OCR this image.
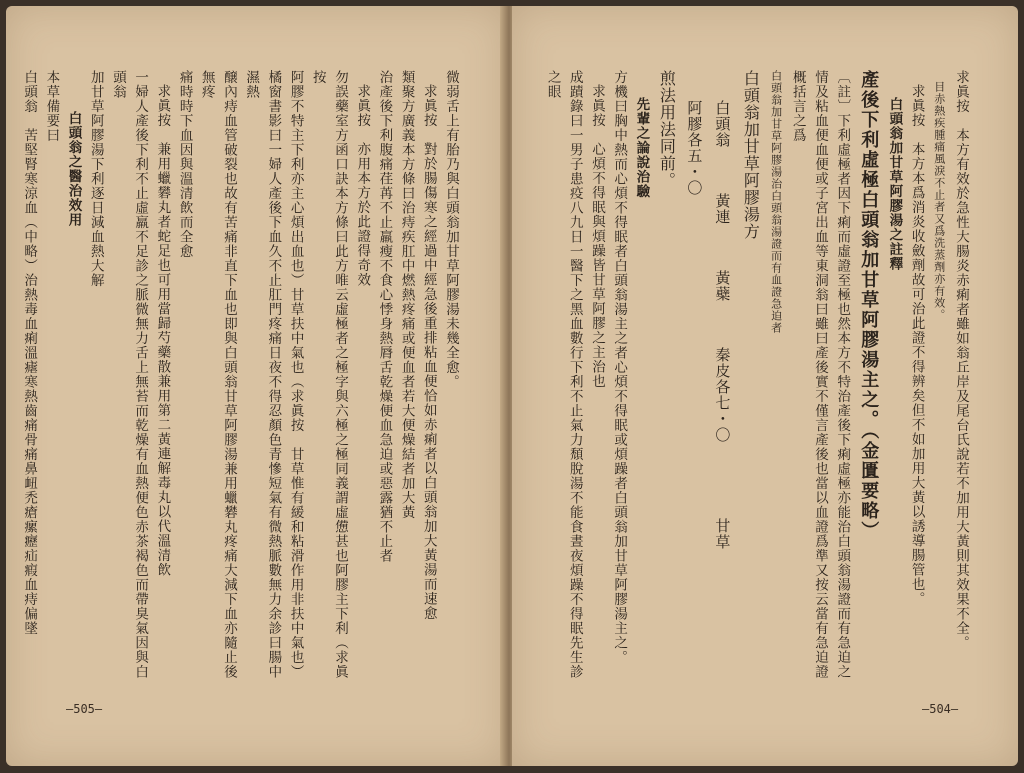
微弱舌上有胎乃與白頭翁加甘草阿膠湯未幾全愈。

求眞按　對於腸傷寒之經過中經急後重排粘血便恰如赤痢者以白頭翁加大黃湯而速愈

類聚方廣義本方條曰治痔疾肛中燃熱疼痛或便血者若大便燥結者加大黃

治產後下利腹痛荏苒不止羸瘦不食心悸身熱脣舌乾燥便血急迫或惡露猶不止者

求眞按　亦用本方於此證得奇效

勿誤藥室方函口訣本方條曰此方唯云虛極者之極字與六極之極同義謂虛憊甚也阿膠主下利（求眞按

阿膠不特主下利亦主心煩出血也）甘草扶中氣也（求眞按　甘草惟有緩和粘滑作用非扶中氣也）

橘窗書影曰一婦人產後下血久不止肛門疼痛日夜不得忍顏色青慘短氣有微熱脈數無力余診曰腸中濕熱

醸內痔血管破裂也故有苦痛非直下血也即與白頭翁甘草阿膠湯兼用蠟礬丸疼痛大減下血亦隨止後無疼

痛時時下血因與溫清飲而全愈

求眞按　兼用蠟礬丸者蛇足也可用當歸芍藥散兼用第二黃連解毒丸以代溫清飲

一婦人產後下利不止虛羸不足診之脈微無力舌上無苔而乾燥有血熱便色赤茶褐色而帶臭氣因與白頭翁

加甘草阿膠湯下利逐日減血熱大解

白頭翁之醫治效用

本草備要曰

白頭翁　苦堅腎寒涼血（中略）治熱毒血痢溫瘧寒熱齒痛骨痛鼻衄禿瘡瘰癧疝瘕血痔偏墜

—505—

求眞按　本方有效於急性大腸炎赤痢者雖如翁丘岸及尾台氏說若不加用大黃則其效果不全。

目赤熱疾腫痛風淚不止者又爲洗蒸劑亦有效。

求眞按　本方本爲消炎收斂劑故可治此證不得辨矣但不如加用大黃以誘導腸管也。

白頭翁加甘草阿膠湯之註釋

產後下利虛極白頭翁加甘草阿膠湯主之。（金匱要略）

〔註〕下利虛極者因下痢而虛證至極也然本方不特治產後下痢虛極亦能治白頭翁湯證而有急迫之情及粘血便血便或子宮出血等東洞翁曰雖曰產後實不僅言產後也當以血證爲準又按云當有急迫證概括言之爲

白頭翁加甘草阿膠湯治白頭翁湯證而有血證急迫者

白頭翁加甘草阿膠湯方

白頭翁黃連黃蘗秦皮各七・〇甘草

阿膠各五・〇

煎法用法同前。

先輩之論說治驗

方機曰胸中熱而心煩不得眠者白頭翁湯主之者心煩不得眠或煩躁者白頭翁加甘草阿膠湯主之。

求眞按　心煩不得眠與煩躁皆甘草阿膠之主治也

成蹟錄曰一男子患疫八九日一醫下之黑血數行下利不止氣力頹脫湯不能食晝夜煩躁不得眠先生診之眼

—504—
